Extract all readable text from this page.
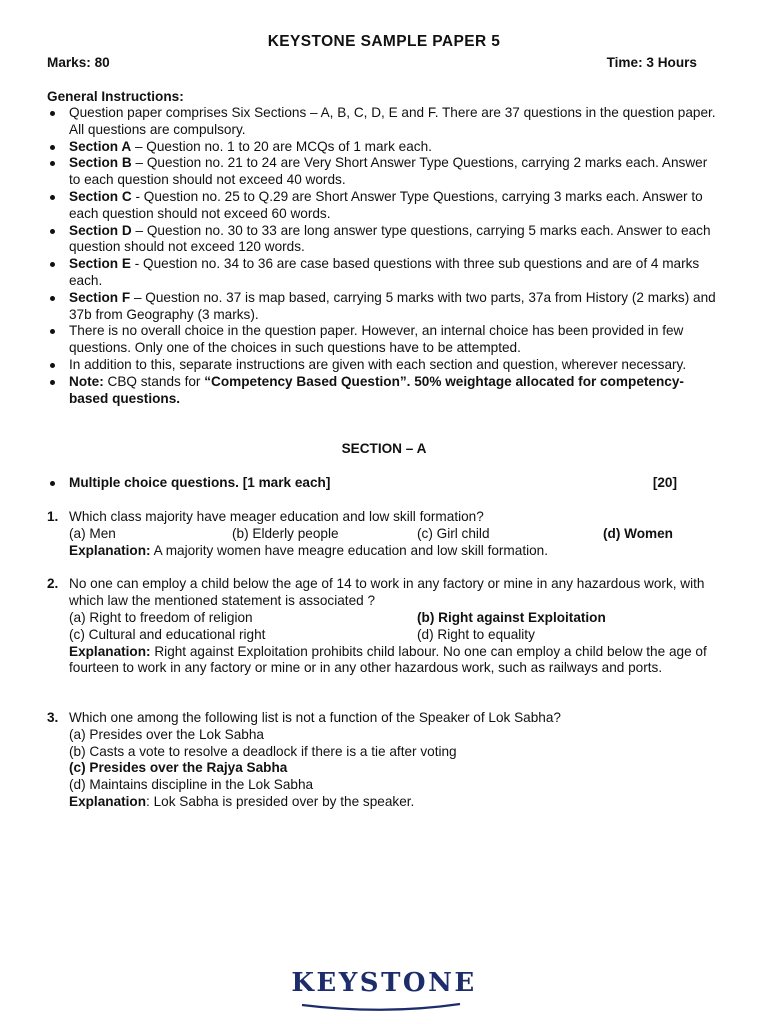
KEYSTONE SAMPLE PAPER 5
Marks: 80	Time: 3 Hours
General Instructions:
Question paper comprises Six Sections – A, B, C, D, E and F. There are 37 questions in the question paper. All questions are compulsory.
Section A – Question no. 1 to 20 are MCQs of 1 mark each.
Section B – Question no. 21 to 24 are Very Short Answer Type Questions, carrying 2 marks each. Answer to each question should not exceed 40 words.
Section C - Question no. 25 to Q.29 are Short Answer Type Questions, carrying 3 marks each. Answer to each question should not exceed 60 words.
Section D – Question no. 30 to 33 are long answer type questions, carrying 5 marks each. Answer to each question should not exceed 120 words.
Section E - Question no. 34 to 36 are case based questions with three sub questions and are of 4 marks each.
Section F – Question no. 37 is map based, carrying 5 marks with two parts, 37a from History (2 marks) and 37b from Geography (3 marks).
There is no overall choice in the question paper. However, an internal choice has been provided in few questions. Only one of the choices in such questions have to be attempted.
In addition to this, separate instructions are given with each section and question, wherever necessary.
Note: CBQ stands for “Competency Based Question”. 50% weightage allocated for competency-based questions.
SECTION – A
Multiple choice questions. [1 mark each]	[20]
1. Which class majority have meager education and low skill formation?
(a) Men	(b) Elderly people	(c) Girl child	(d) Women
Explanation: A majority women have meagre education and low skill formation.
2. No one can employ a child below the age of 14 to work in any factory or mine in any hazardous work, with which law the mentioned statement is associated ?
(a) Right to freedom of religion	(b) Right against Exploitation
(c) Cultural and educational right	(d) Right to equality
Explanation: Right against Exploitation prohibits child labour. No one can employ a child below the age of fourteen to work in any factory or mine or in any other hazardous work, such as railways and ports.
3. Which one among the following list is not a function of the Speaker of Lok Sabha?
(a) Presides over the Lok Sabha
(b) Casts a vote to resolve a deadlock if there is a tie after voting
(c) Presides over the Rajya Sabha
(d) Maintains discipline in the Lok Sabha
Explanation: Lok Sabha is presided over by the speaker.
KEYSTONE
